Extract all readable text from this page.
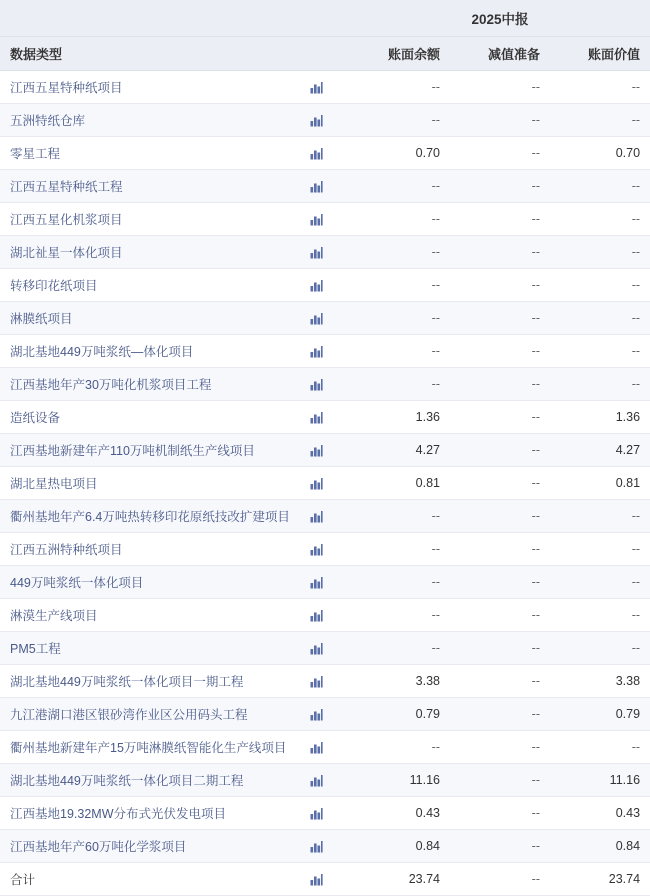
		2025中报		
数据类型		账面余额	减值准备	账面价值
江西五星特种纸项目		--	--	--
五洲特纸仓库		--	--	--
零星工程		0.70	--	0.70
江西五星特种纸工程		--	--	--
江西五星化机浆项目		--	--	--
湖北祉星一体化项目		--	--	--
转移印花纸项目		--	--	--
淋膜纸项目		--	--	--
湖北基地449万吨浆纸—体化项目		--	--	--
江西基地年产30万吨化机浆项目工程		--	--	--
造纸设备		1.36	--	1.36
江西基地新建年产110万吨机制纸生产线项目		4.27	--	4.27
湖北星热电项目		0.81	--	0.81
衢州基地年产6.4万吨热转移印花原纸技改扩建项目		--	--	--
江西五洲特种纸项目		--	--	--
449万吨浆纸一体化项目		--	--	--
淋漠生产线项目		--	--	--
PM5工程		--	--	--
湖北基地449万吨浆纸一体化项目一期工程		3.38	--	3.38
九江港湖口港区银砂湾作业区公用码头工程		0.79	--	0.79
衢州基地新建年产15万吨淋膜纸智能化生产线项目		--	--	--
湖北基地449万吨浆纸一体化项目二期工程		11.16	--	11.16
江西基地19.32MW分布式光伏发电项目		0.43	--	0.43
江西基地年产60万吨化学浆项目		0.84	--	0.84
合计		23.74	--	23.74
